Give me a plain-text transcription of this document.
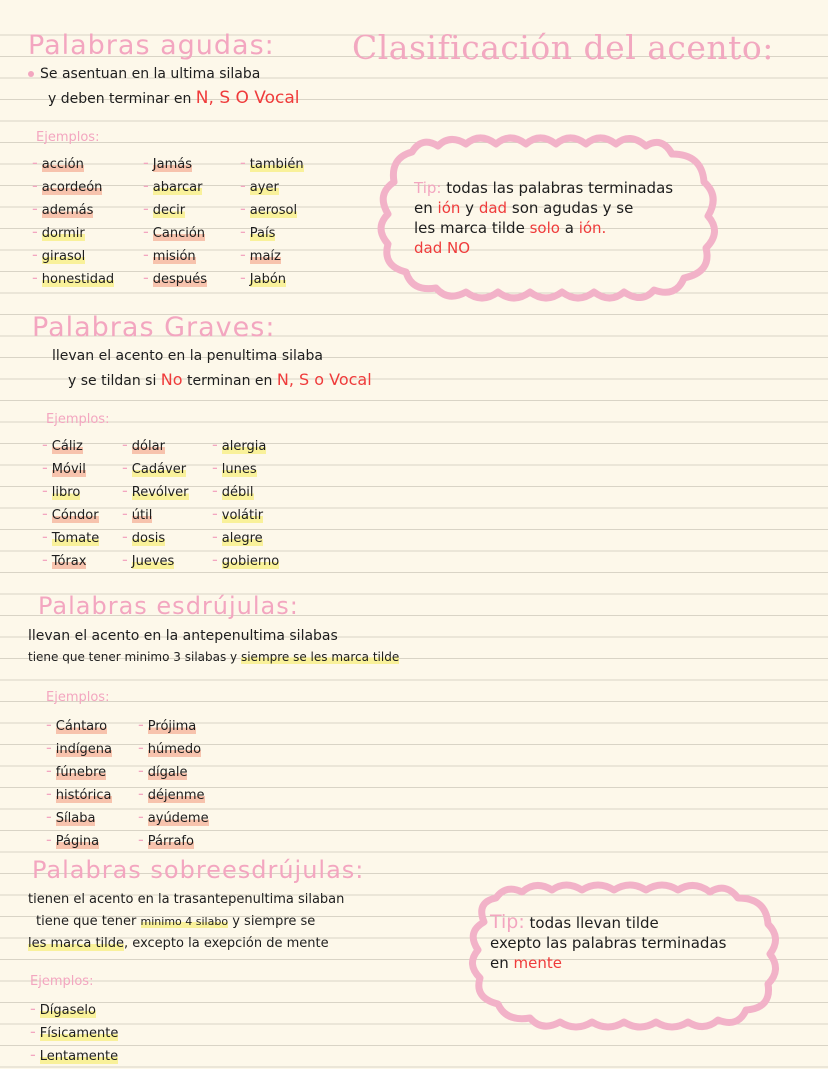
Clasificación del acento:
Palabras agudas:
Se asentuan en la ultima silaba
y deben terminar en N, S O Vocal
Ejemplos:
- acción
- acordeón
- además
- dormir
- girasol
- honestidad
- Jamás
- abarcar
- decir
- Canción
- misión
- después
- también
- ayer
- aerosol
- País
- maíz
- Jabón
Tip: todas las palabras terminadas
en ión y dad son agudas y se
les marca tilde solo a ión.
dad NO
Palabras Graves:
llevan el acento en la penultima silaba
y se tildan si No terminan en N, S o Vocal
Ejemplos:
- Cáliz
- Móvil
- libro
- Cóndor
- Tomate
- Tórax
- dólar
- Cadáver
- Revólver
- útil
- dosis
- Jueves
- alergia
- lunes
- débil
- volátir
- alegre
- gobierno
Palabras esdrújulas:
llevan el acento en la antepenultima silabas
tiene que tener minimo 3 silabas y siempre se les marca tilde
Ejemplos:
- Cántaro
- indígena
- fúnebre
- histórica
- Sílaba
- Página
- Prójima
- húmedo
- dígale
- déjenme
- ayúdeme
- Párrafo
Palabras sobreesdrújulas:
tienen el acento en la trasantepenultima silaban
tiene que tener minimo 4 silabo y siempre se
les marca tilde, excepto la exepción de mente
Ejemplos:
- Dígaselo
- Físicamente
- Lentamente
Tip: todas llevan tilde
exepto las palabras terminadas
en mente
